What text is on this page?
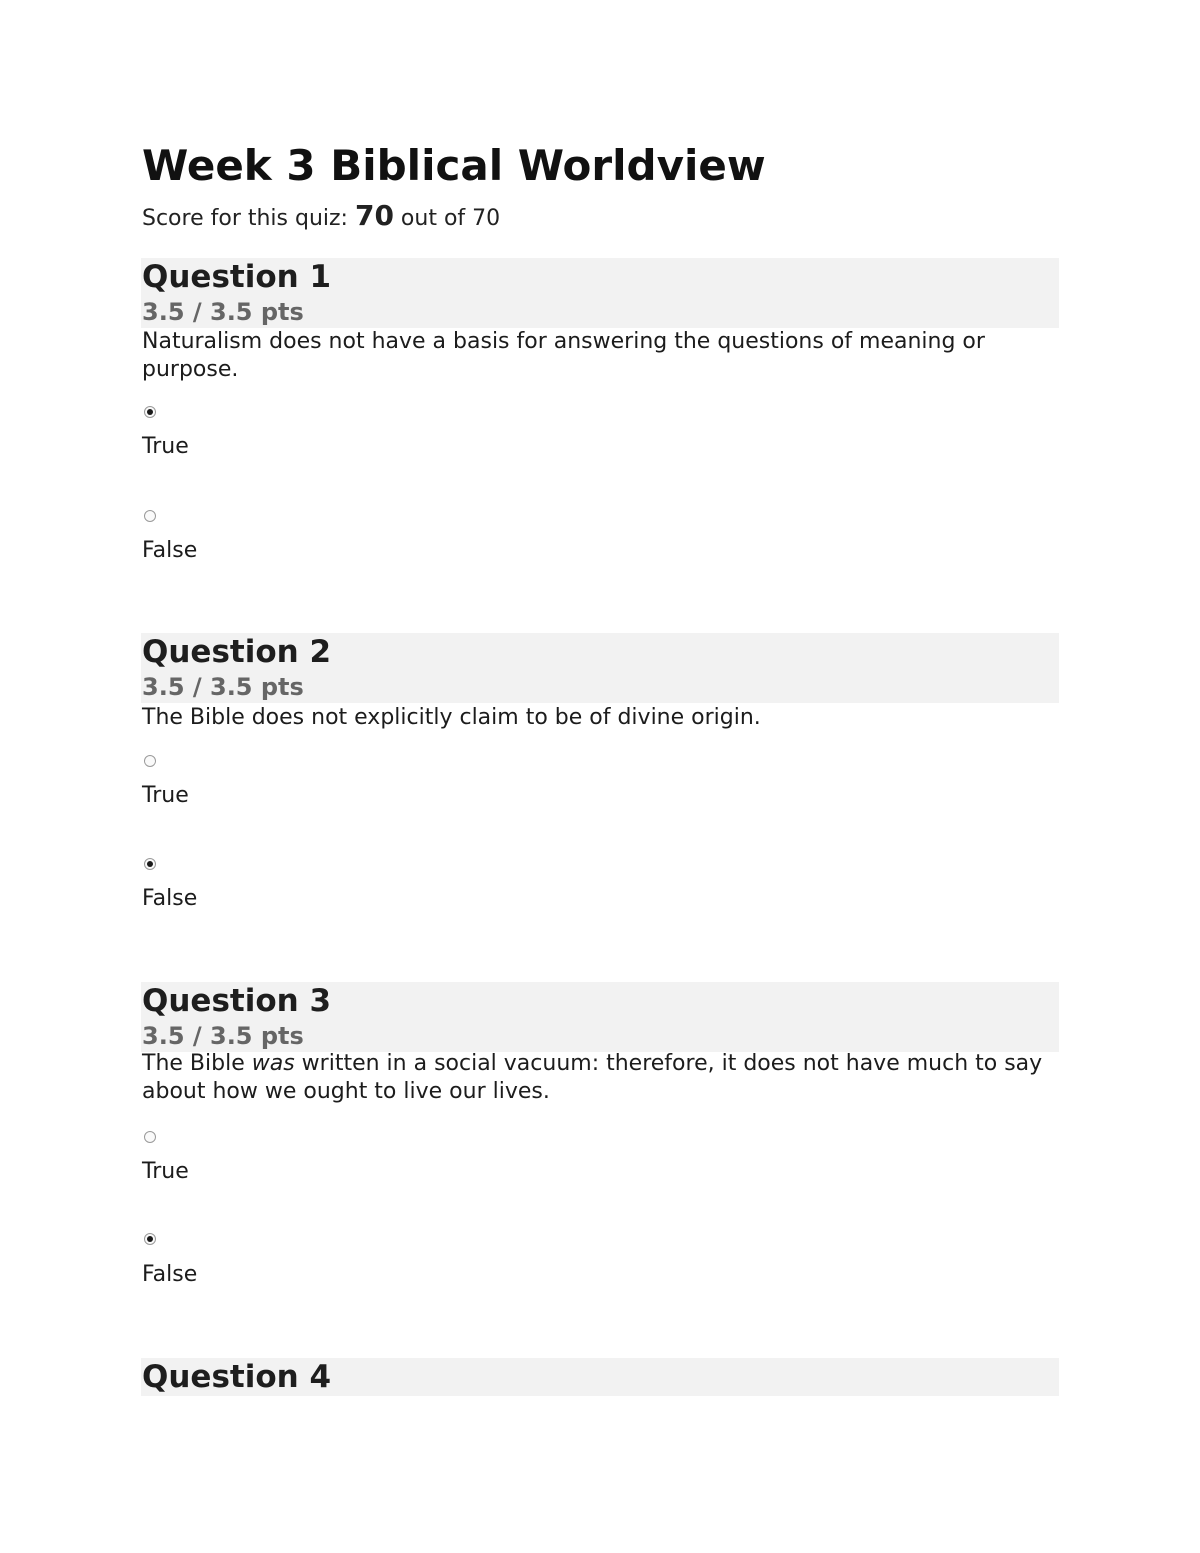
Week 3 Biblical Worldview
Score for this quiz: 70 out of 70
Question 1
3.5 / 3.5 pts
Naturalism does not have a basis for answering the questions of meaning or purpose.
True
False
Question 2
3.5 / 3.5 pts
The Bible does not explicitly claim to be of divine origin.
True
False
Question 3
3.5 / 3.5 pts
The Bible was written in a social vacuum: therefore, it does not have much to say about how we ought to live our lives.
True
False
Question 4
